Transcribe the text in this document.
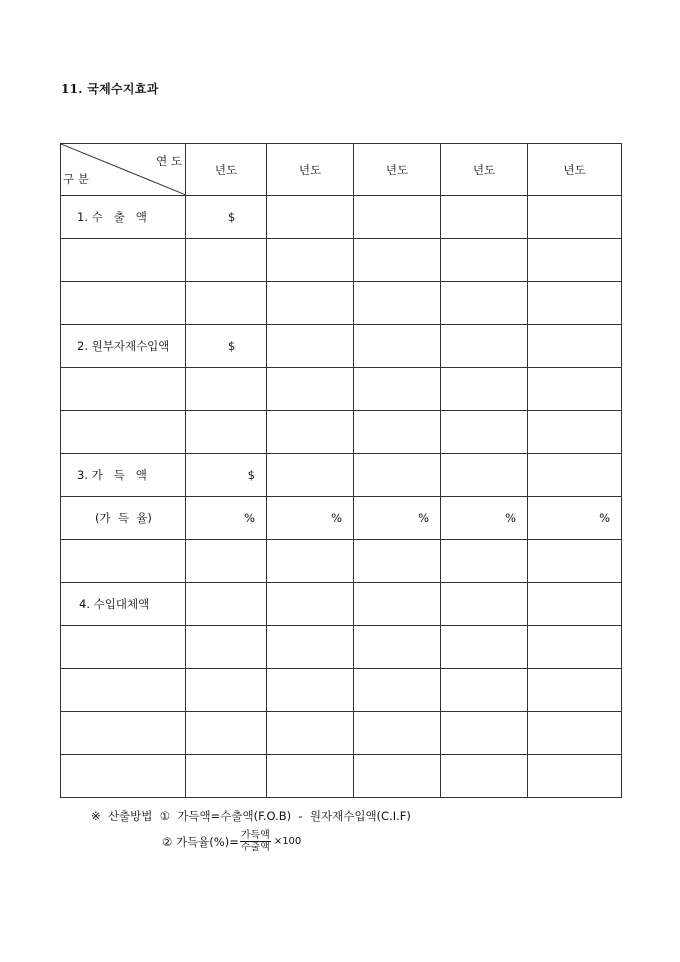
11. 국제수지효과
연 도
구 분	년도	년도	년도	년도	년도
1. 수   출   액	$				

2. 원부자재수입액	$				

3. 가   득   액	$				
(가  득  율)	%	%	%	%	%

4. 수입대체액					

※  산출방법  ①  가득액=수출액(F.O.B)  -  원자재수입액(C.I.F)
② 가득율(%)= $\frac{\text{가득액}}{\text{수출액}} \times 100$
